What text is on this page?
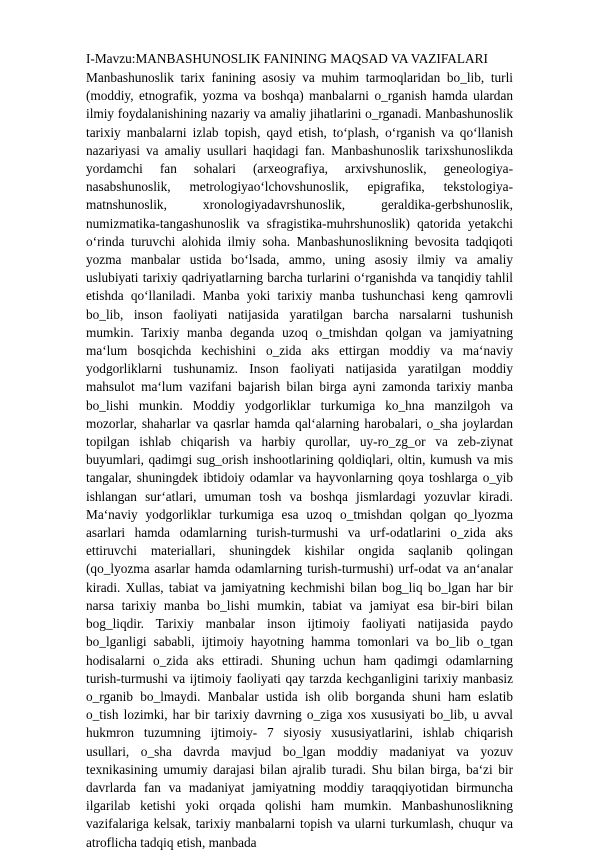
I-Mavzu:MANBASHUNOSLIK FANINING MAQSAD VA VAZIFALARI

Manbashunoslik tarix fanining asosiy va muhim tarmoqlaridan bo_lib, turli (moddiy, etnografik, yozma va boshqa) manbalarni o_rganish hamda ulardan ilmiy foydalanishining nazariy va amaliy jihatlarini o_rganadi. Manbashunoslik tarixiy manbalarni izlab topish, qayd etish, to‘plash, o‘rganish va qo‘llanish nazariyasi va amaliy usullari haqidagi fan. Manbashunoslik tarixshunoslikda yordamchi fan sohalari (arxeografiya, arxivshunoslik, geneologiya-nasabshunoslik, metrologiyao‘lchovshunoslik, epigrafika, tekstologiya-matnshunoslik, xronologiyadavrshunoslik, geraldika-gerbshunoslik, numizmatika-tangashunoslik va sfragistika-muhrshunoslik) qatorida yetakchi o‘rinda turuvchi alohida ilmiy soha. Manbashunoslikning bevosita tadqiqoti yozma manbalar ustida bo‘lsada, ammo, uning asosiy ilmiy va amaliy uslubiyati tarixiy qadriyatlarning barcha turlarini o‘rganishda va tanqidiy tahlil etishda qo‘llaniladi. Manba yoki tarixiy manba tushunchasi keng qamrovli bo_lib, inson faoliyati natijasida yaratilgan barcha narsalarni tushunish mumkin. Tarixiy manba deganda uzoq o_tmishdan qolgan va jamiyatning ma‘lum bosqichda kechishini o_zida aks ettirgan moddiy va ma‘naviy yodgorliklarni tushunamiz. Inson faoliyati natijasida yaratilgan moddiy mahsulot ma‘lum vazifani bajarish bilan birga ayni zamonda tarixiy manba bo_lishi munkin. Moddiy yodgorliklar turkumiga ko_hna manzilgoh va mozorlar, shaharlar va qasrlar hamda qal‘alarning harobalari, o_sha joylardan topilgan ishlab chiqarish va harbiy qurollar, uy-ro_zg_or va zeb-ziynat buyumlari, qadimgi sug_orish inshootlarining qoldiqlari, oltin, kumush va mis tangalar, shuningdek ibtidoiy odamlar va hayvonlarning qoya toshlarga o_yib ishlangan sur‘atlari, umuman tosh va boshqa jismlardagi yozuvlar kiradi. Ma‘naviy yodgorliklar turkumiga esa uzoq o_tmishdan qolgan qo_lyozma asarlari hamda odamlarning turish-turmushi va urf-odatlarini o_zida aks ettiruvchi materiallari, shuningdek kishilar ongida saqlanib qolingan (qo_lyozma asarlar hamda odamlarning turish-turmushi) urf-odat va an‘analar kiradi. Xullas, tabiat va jamiyatning kechmishi bilan bog_liq bo_lgan har bir narsa tarixiy manba bo_lishi mumkin, tabiat va jamiyat esa bir-biri bilan bog_liqdir. Tarixiy manbalar inson ijtimoiy faoliyati natijasida paydo bo_lganligi sababli, ijtimoiy hayotning hamma tomonlari va bo_lib o_tgan hodisalarni o_zida aks ettiradi. Shuning uchun ham qadimgi odamlarning turish-turmushi va ijtimoiy faoliyati qay tarzda kechganligini tarixiy manbasiz o_rganib bo_lmaydi. Manbalar ustida ish olib borganda shuni ham eslatib o_tish lozimki, har bir tarixiy davrning o_ziga xos xususiyati bo_lib, u avval hukmron tuzumning ijtimoiy- 7 siyosiy xususiyatlarini, ishlab chiqarish usullari, o_sha davrda mavjud bo_lgan moddiy madaniyat va yozuv texnikasining umumiy darajasi bilan ajralib turadi. Shu bilan birga, ba‘zi bir davrlarda fan va madaniyat jamiyatning moddiy taraqqiyotidan birmuncha ilgarilab ketishi yoki orqada qolishi ham mumkin. Manbashunoslikning vazifalariga kelsak, tarixiy manbalarni topish va ularni turkumlash, chuqur va atroflicha tadqiq etish, manbada
